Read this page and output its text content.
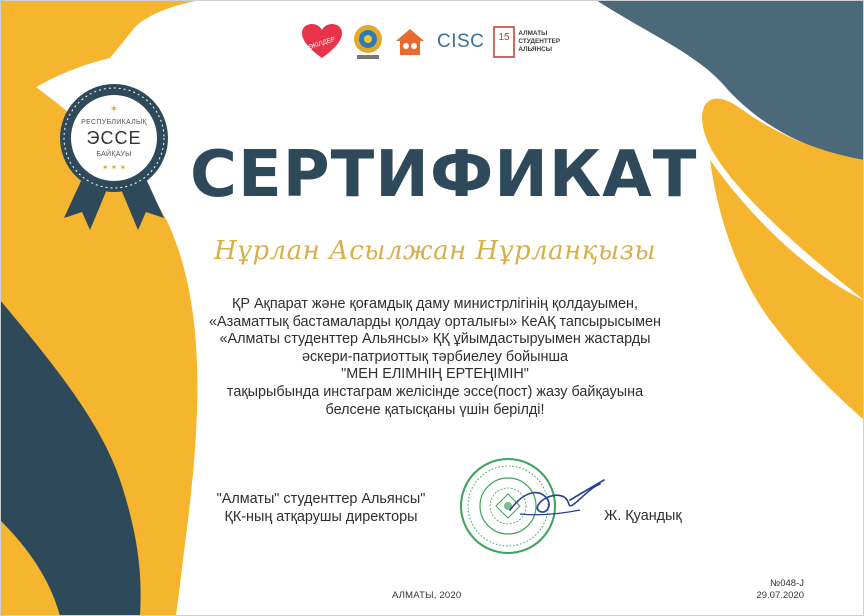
ӨКІЛДЕР	CISC 15 АЛМАТЫ
СТУДЕНТТЕР
АЛЬЯНСЫ
✶
✶ ✶ ✶
РЕСПУБЛИКАЛЫҚ
ЭССЕ
БАЙҚАУЫ СЕРТИФИКАТ
Нұрлан Асылжан Нұрланқызы
ҚР Ақпарат және қоғамдық даму министрлігінің қолдауымен,
«Азаматтық бастамаларды қолдау орталығы» КеАҚ тапсырысымен
«Алматы студенттер Альянсы» ҚҚ ұйымдастыруымен жастарды
әскери-патриоттық тәрбиелеу бойынша
"МЕН ЕЛІМНІҢ ЕРТЕҢІМІН"
тақырыбында инстаграм желісінде эссе(пост) жазу байқауына
белсене қатысқаны үшін берілді!
"Алматы" студенттер Альянсы"
ҚК-ның атқарушы директоры	Ж. Қуандық
АЛМАТЫ, 2020
№048-Ј
29.07.2020
